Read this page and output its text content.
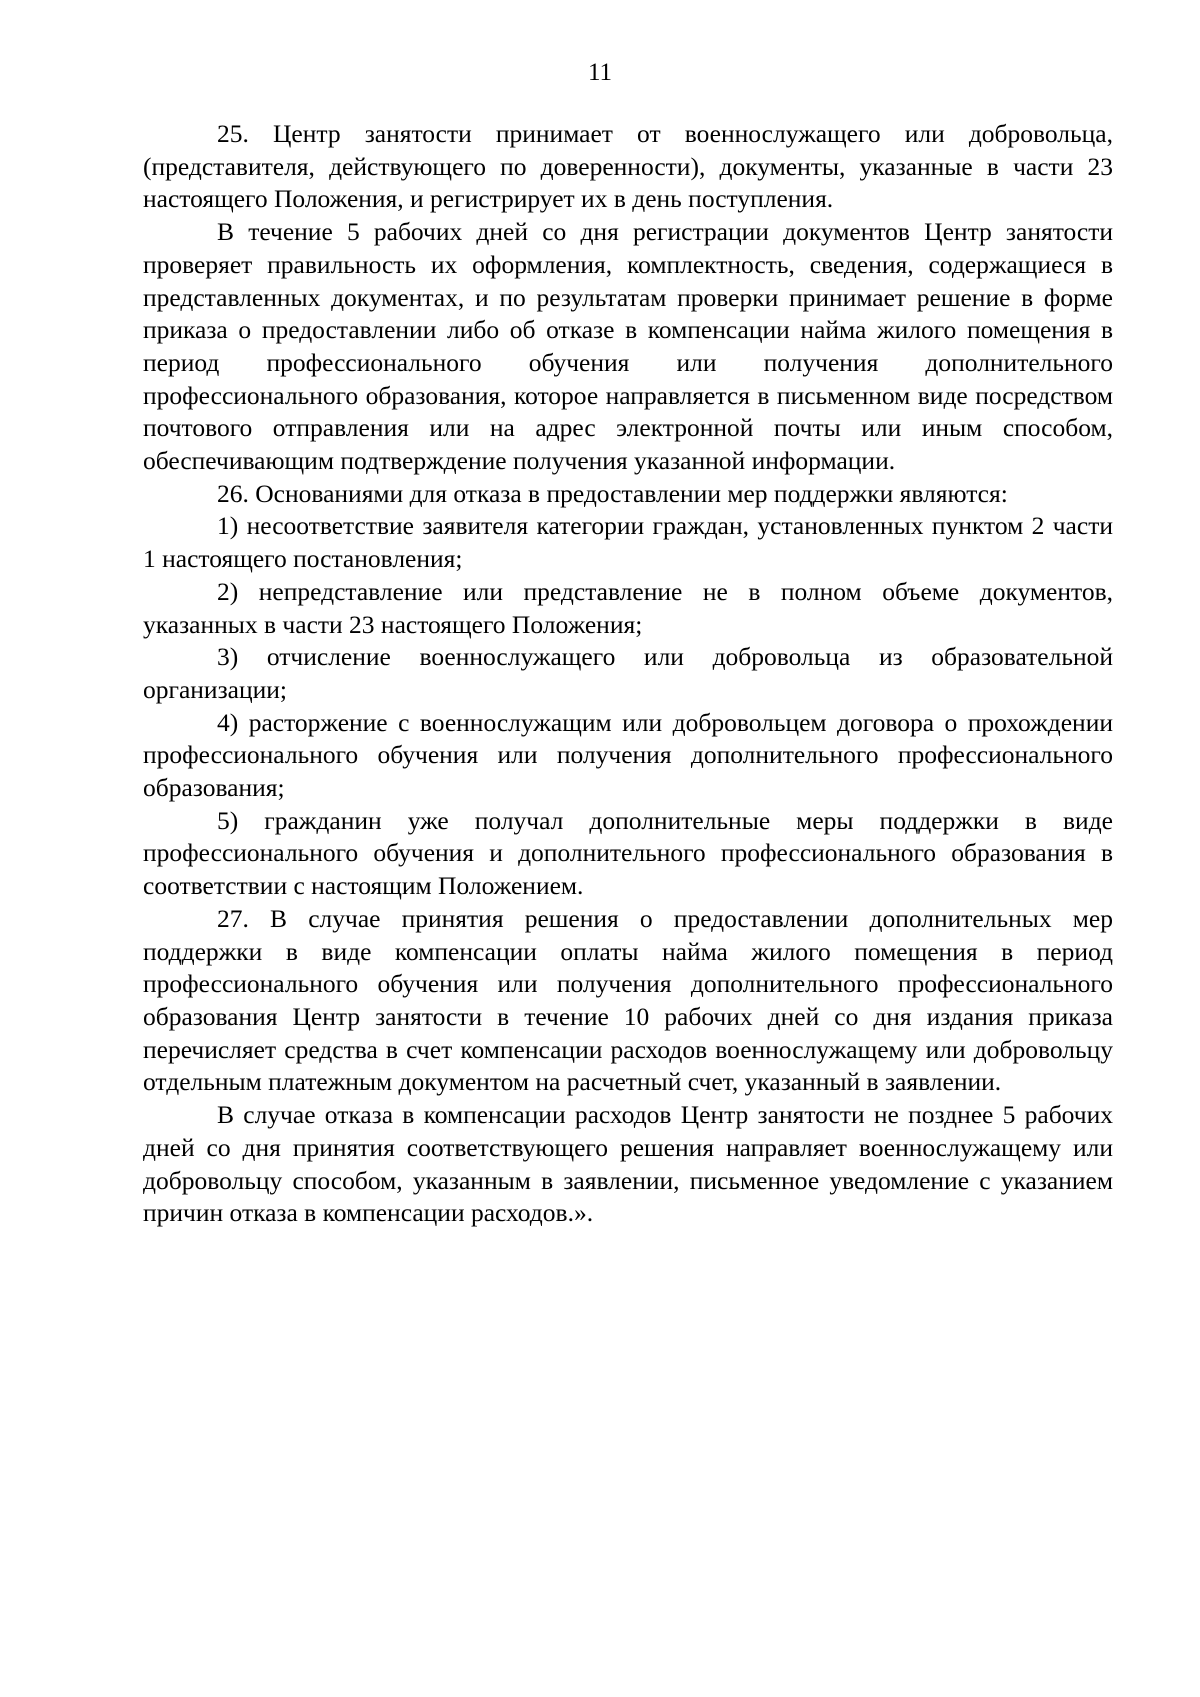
11

25. Центр занятости принимает от военнослужащего или добровольца, (представителя, действующего по доверенности), документы, указанные в части 23 настоящего Положения, и регистрирует их в день поступления.

В течение 5 рабочих дней со дня регистрации документов Центр занятости проверяет правильность их оформления, комплектность, сведения, содержащиеся в представленных документах, и по результатам проверки принимает решение в форме приказа о предоставлении либо об отказе в компенсации найма жилого помещения в период профессионального обучения или получения дополнительного профессионального образования, которое направляется в письменном виде посредством почтового отправления или на адрес электронной почты или иным способом, обеспечивающим подтверждение получения указанной информации.

26. Основаниями для отказа в предоставлении мер поддержки являются:

1) несоответствие заявителя категории граждан, установленных пунктом 2 части 1 настоящего постановления;

2) непредставление или представление не в полном объеме документов, указанных в части 23 настоящего Положения;

3) отчисление военнослужащего или добровольца из образовательной организации;

4) расторжение с военнослужащим или добровольцем договора о прохождении профессионального обучения или получения дополнительного профессионального образования;

5) гражданин уже получал дополнительные меры поддержки в виде профессионального обучения и дополнительного профессионального образования в соответствии с настоящим Положением.

27. В случае принятия решения о предоставлении дополнительных мер поддержки в виде компенсации оплаты найма жилого помещения в период профессионального обучения или получения дополнительного профессионального образования Центр занятости в течение 10 рабочих дней со дня издания приказа перечисляет средства в счет компенсации расходов военнослужащему или добровольцу отдельным платежным документом на расчетный счет, указанный в заявлении.

В случае отказа в компенсации расходов Центр занятости не позднее 5 рабочих дней со дня принятия соответствующего решения направляет военнослужащему или добровольцу способом, указанным в заявлении, письменное уведомление с указанием причин отказа в компенсации расходов.».
